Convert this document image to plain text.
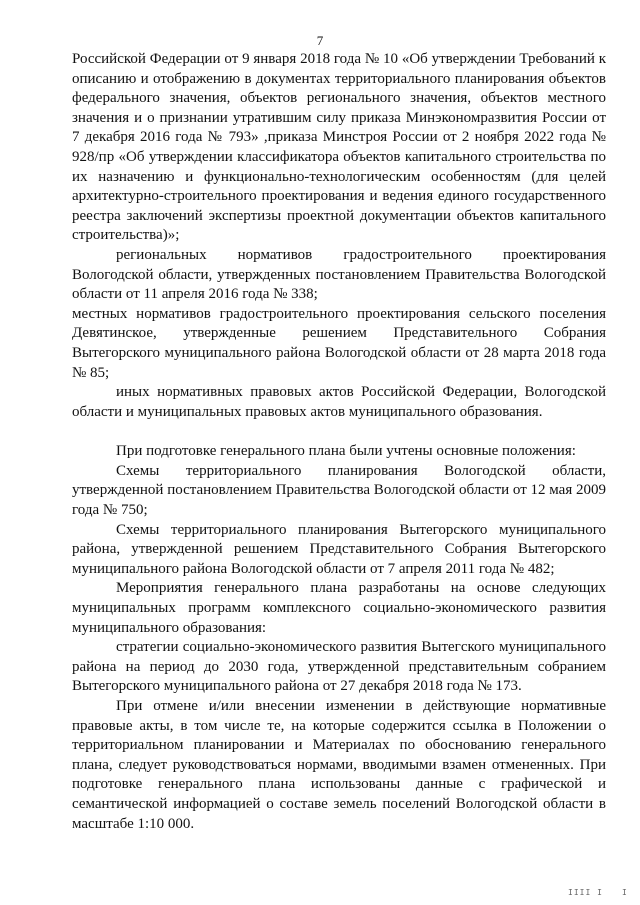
7

Российской Федерации от 9 января 2018 года № 10 «Об утверждении Требований к описанию и отображению в документах территориального планирования объектов федерального значения, объектов регионального значения, объектов местного значения и о признании утратившим силу приказа Минэкономразвития России от 7 декабря 2016 года № 793» ,приказа Минстроя России от 2 ноября 2022 года № 928/пр «Об утверждении классификатора объектов капитального строительства по их назначению и функционально-технологическим особенностям (для целей архитектурно-строительного проектирования и ведения единого государственного реестра заключений экспертизы проектной документации объектов капитального строительства)»;

региональных нормативов градостроительного проектирования Вологодской области, утвержденных постановлением Правительства Вологодской области от 11 апреля 2016 года № 338;

местных нормативов градостроительного проектирования сельского поселения Девятинское, утвержденные решением Представительного Собрания Вытегорского муниципального района Вологодской области от 28 марта 2018 года № 85;

иных нормативных правовых актов Российской Федерации, Вологодской области и муниципальных правовых актов муниципального образования.

При подготовке генерального плана были учтены основные положения:

Схемы территориального планирования Вологодской области, утвержденной постановлением Правительства Вологодской области от 12 мая 2009 года № 750;

Схемы территориального планирования Вытегорского муниципального района, утвержденной решением Представительного Собрания Вытегорского муниципального района Вологодской области от 7 апреля 2011 года № 482;

Мероприятия генерального плана разработаны на основе следующих муниципальных программ комплексного социально-экономического развития муниципального образования:

стратегии социально-экономического развития Вытегского муниципального района на период до 2030 года, утвержденной представительным собранием Вытегорского муниципального района от 27 декабря 2018 года № 173.

При отмене и/или внесении изменении в действующие нормативные правовые акты, в том числе те, на которые содержится ссылка в Положении о территориальном планировании и Материалах по обоснованию генерального плана, следует руководствоваться нормами, вводимыми взамен отмененных. При подготовке генерального плана использованы данные с графической и семантической информацией о составе земель поселений Вологодской области в масштабе 1:10 000.

IIII I I
